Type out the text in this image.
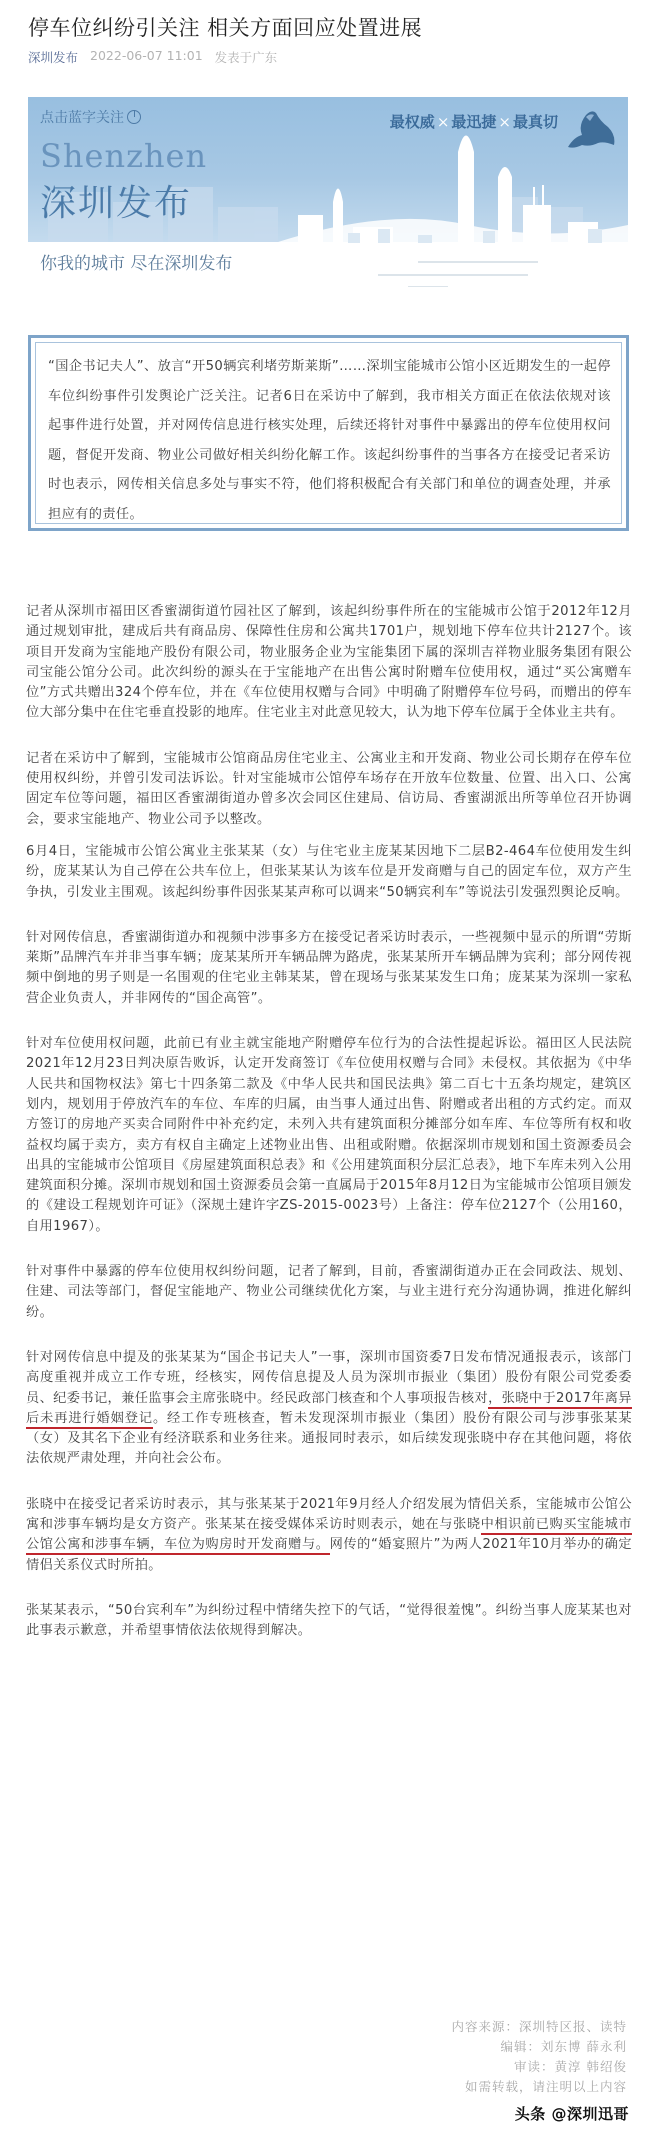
停车位纠纷引关注 相关方面回应处置进展
深圳发布 2022-06-07 11:01 发表于广东
点击蓝字关注
Shenzhen
深圳发布
最权威 × 最迅捷 × 最真切
你我的城市 尽在深圳发布

“国企书记夫人”、放言“开50辆宾利堵劳斯莱斯”……深圳宝能城市公馆小区近期发生的一起停车位纠纷事件引发舆论广泛关注。记者6日在采访中了解到，我市相关方面正在依法依规对该起事件进行处置，并对网传信息进行核实处理，后续还将针对事件中暴露出的停车位使用权问题，督促开发商、物业公司做好相关纠纷化解工作。该起纠纷事件的当事各方在接受记者采访时也表示，网传相关信息多处与事实不符，他们将积极配合有关部门和单位的调查处理，并承担应有的责任。

记者从深圳市福田区香蜜湖街道竹园社区了解到，该起纠纷事件所在的宝能城市公馆于2012年12月通过规划审批，建成后共有商品房、保障性住房和公寓共1701户，规划地下停车位共计2127个。该项目开发商为宝能地产股份有限公司，物业服务企业为宝能集团下属的深圳吉祥物业服务集团有限公司宝能公馆分公司。此次纠纷的源头在于宝能地产在出售公寓时附赠车位使用权，通过“买公寓赠车位”方式共赠出324个停车位，并在《车位使用权赠与合同》中明确了附赠停车位号码，而赠出的停车位大部分集中在住宅垂直投影的地库。住宅业主对此意见较大，认为地下停车位属于全体业主共有。

记者在采访中了解到，宝能城市公馆商品房住宅业主、公寓业主和开发商、物业公司长期存在停车位使用权纠纷，并曾引发司法诉讼。针对宝能城市公馆停车场存在开放车位数量、位置、出入口、公寓固定车位等问题，福田区香蜜湖街道办曾多次会同区住建局、信访局、香蜜湖派出所等单位召开协调会，要求宝能地产、物业公司予以整改。

6月4日，宝能城市公馆公寓业主张某某（女）与住宅业主庞某某因地下二层B2-464车位使用发生纠纷，庞某某认为自己停在公共车位上，但张某某认为该车位是开发商赠与自己的固定车位，双方产生争执，引发业主围观。该起纠纷事件因张某某声称可以调来“50辆宾利车”等说法引发强烈舆论反响。

针对网传信息，香蜜湖街道办和视频中涉事多方在接受记者采访时表示，一些视频中显示的所谓“劳斯莱斯”品牌汽车并非当事车辆；庞某某所开车辆品牌为路虎，张某某所开车辆品牌为宾利；部分网传视频中倒地的男子则是一名围观的住宅业主韩某某，曾在现场与张某某发生口角；庞某某为深圳一家私营企业负责人，并非网传的“国企高管”。

针对车位使用权问题，此前已有业主就宝能地产附赠停车位行为的合法性提起诉讼。福田区人民法院2021年12月23日判决原告败诉，认定开发商签订《车位使用权赠与合同》未侵权。其依据为《中华人民共和国物权法》第七十四条第二款及《中华人民共和国民法典》第二百七十五条均规定，建筑区划内，规划用于停放汽车的车位、车库的归属，由当事人通过出售、附赠或者出租的方式约定。而双方签订的房地产买卖合同附件中补充约定，未列入共有建筑面积分摊部分如车库、车位等所有权和收益权均属于卖方，卖方有权自主确定上述物业出售、出租或附赠。依据深圳市规划和国土资源委员会出具的宝能城市公馆项目《房屋建筑面积总表》和《公用建筑面积分层汇总表》，地下车库未列入公用建筑面积分摊。深圳市规划和国土资源委员会第一直属局于2015年8月12日为宝能城市公馆项目颁发的《建设工程规划许可证》（深规土建许字ZS-2015-0023号）上备注：停车位2127个（公用160，自用1967）。

针对事件中暴露的停车位使用权纠纷问题，记者了解到，目前，香蜜湖街道办正在会同政法、规划、住建、司法等部门，督促宝能地产、物业公司继续优化方案，与业主进行充分沟通协调，推进化解纠纷。

针对网传信息中提及的张某某为“国企书记夫人”一事，深圳市国资委7日发布情况通报表示，该部门高度重视并成立工作专班，经核实，网传信息提及人员为深圳市振业（集团）股份有限公司党委委员、纪委书记，兼任监事会主席张晓中。经民政部门核查和个人事项报告核对，张晓中于2017年离异后未再进行婚姻登记。经工作专班核查，暂未发现深圳市振业（集团）股份有限公司与涉事张某某（女）及其名下企业有经济联系和业务往来。通报同时表示，如后续发现张晓中存在其他问题，将依法依规严肃处理，并向社会公布。

张晓中在接受记者采访时表示，其与张某某于2021年9月经人介绍发展为情侣关系，宝能城市公馆公寓和涉事车辆均是女方资产。张某某在接受媒体采访时则表示，她在与张晓中相识前已购买宝能城市公馆公寓和涉事车辆，车位为购房时开发商赠与。网传的“婚宴照片”为两人2021年10月举办的确定情侣关系仪式时所拍。

张某某表示，“50台宾利车”为纠纷过程中情绪失控下的气话，“觉得很羞愧”。纠纷当事人庞某某也对此事表示歉意，并希望事情依法依规得到解决。

内容来源：深圳特区报、读特
编辑：刘东博 薛永利
审读：黄淳 韩绍俊
如需转载，请注明以上内容
头条 @深圳迅哥
